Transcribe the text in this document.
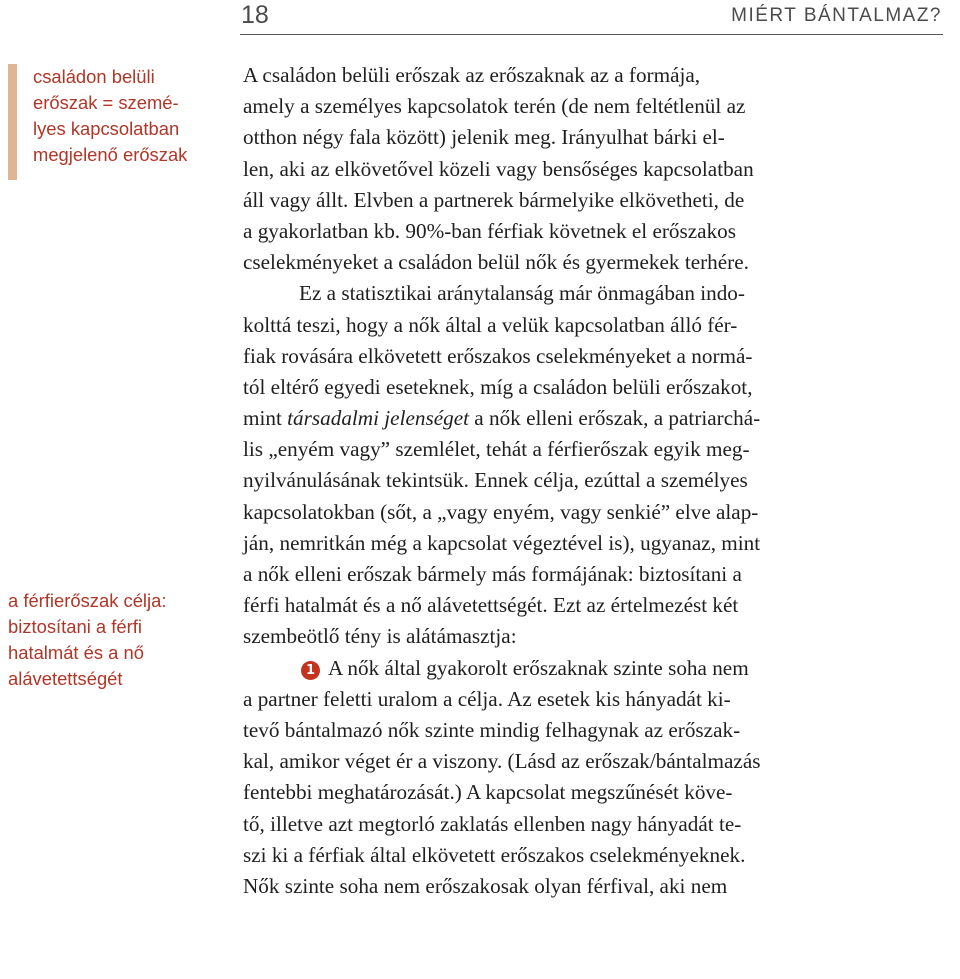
18	MIÉRT BÁNTALMAZ?
családon belüli
erőszak = szemé-
lyes kapcsolatban
megjelenő erőszak
a férfierőszak célja:
biztosítani a férfi
hatalmát és a nő
alávetettségét
A családon belüli erőszak az erőszaknak az a formája,
amely a személyes kapcsolatok terén (de nem feltétlenül az
otthon négy fala között) jelenik meg. Irányulhat bárki el-
len, aki az elkövetővel közeli vagy bensőséges kapcsolatban
áll vagy állt. Elvben a partnerek bármelyike elkövetheti, de
a gyakorlatban kb. 90%-ban férfiak követnek el erőszakos
cselekményeket a családon belül nők és gyermekek terhére.
Ez a statisztikai aránytalanság már önmagában indo-
kolttá teszi, hogy a nők által a velük kapcsolatban álló fér-
fiak rovására elkövetett erőszakos cselekményeket a normá-
tól eltérő egyedi eseteknek, míg a családon belüli erőszakot,
mint társadalmi jelenséget a nők elleni erőszak, a patriarchá-
lis „enyém vagy” szemlélet, tehát a férfierőszak egyik meg-
nyilvánulásának tekintsük. Ennek célja, ezúttal a személyes
kapcsolatokban (sőt, a „vagy enyém, vagy senkié” elve alap-
ján, nemritkán még a kapcsolat végeztével is), ugyanaz, mint
a nők elleni erőszak bármely más formájának: biztosítani a
férfi hatalmát és a nő alávetettségét. Ezt az értelmezést két
szembeötlő tény is alátámasztja:
1 A nők által gyakorolt erőszaknak szinte soha nem
a partner feletti uralom a célja. Az esetek kis hányadát ki-
tevő bántalmazó nők szinte mindig felhagynak az erőszak-
kal, amikor véget ér a viszony. (Lásd az erőszak/bántalmazás
fentebbi meghatározását.) A kapcsolat megszűnését köve-
tő, illetve azt megtorló zaklatás ellenben nagy hányadát te-
szi ki a férfiak által elkövetett erőszakos cselekményeknek.
Nők szinte soha nem erőszakosak olyan férfival, aki nem
